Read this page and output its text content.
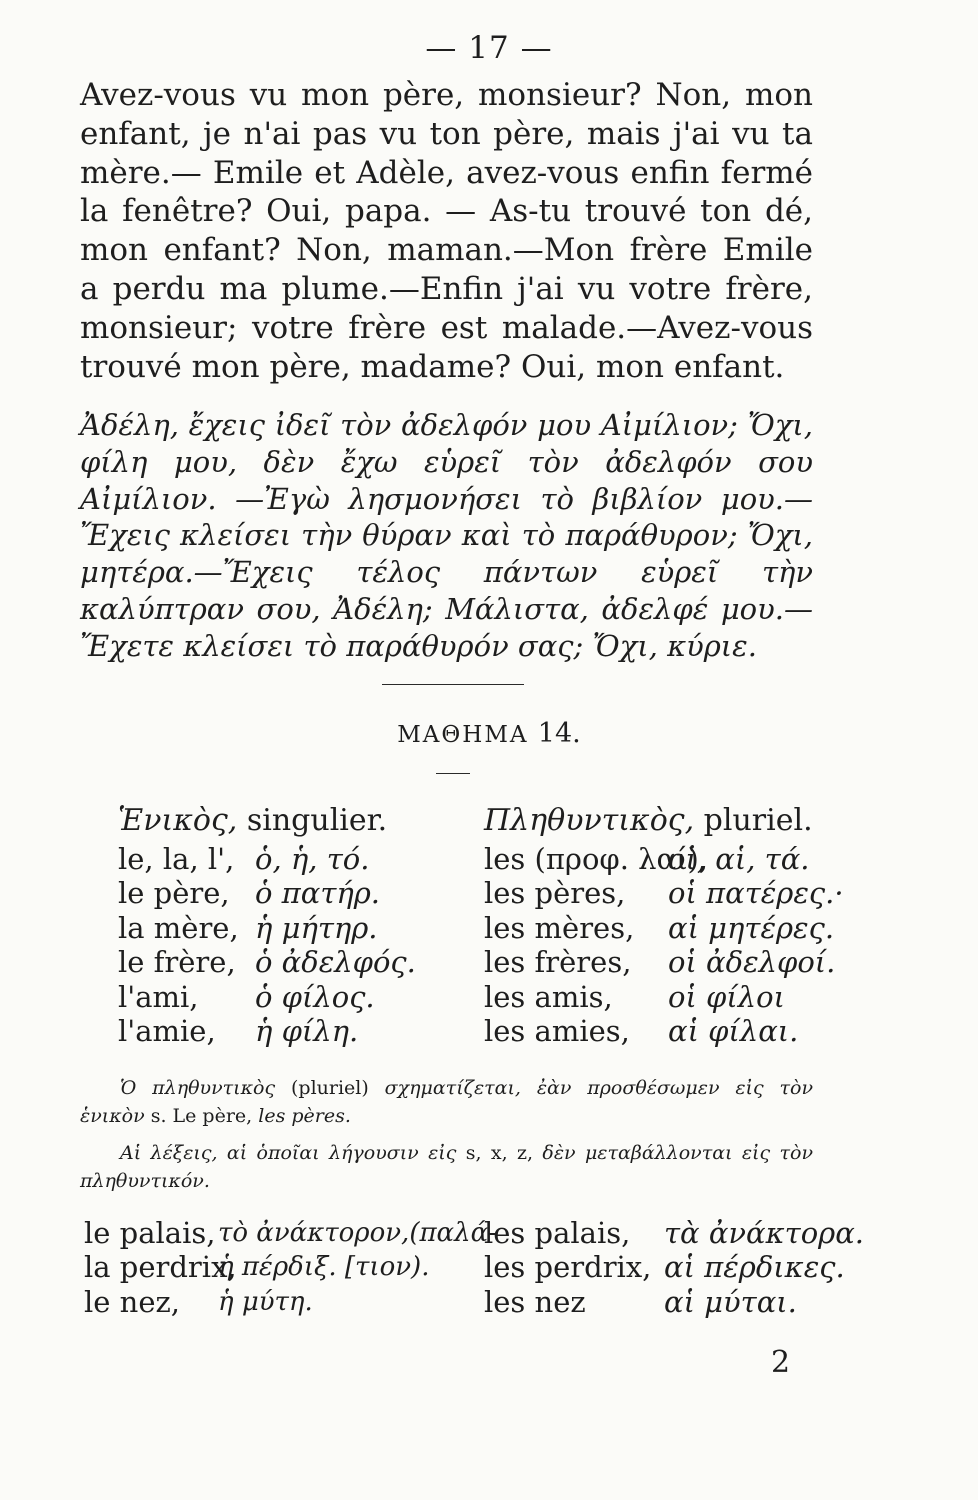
— 17 —

Avez-vous vu mon père, monsieur? Non, mon enfant, je n'ai pas vu ton père, mais j'ai vu ta mère.— Emile et Adèle, avez-vous enfin fermé la fenêtre? Oui, papa. — As-tu trouvé ton dé, mon enfant? Non, maman.—Mon frère Emile a perdu ma plume.—Enfin j'ai vu votre frère, monsieur; votre frère est malade.—Avez-vous trouvé mon père, madame? Oui, mon enfant.

Ἀδέλη, ἔχεις ἰδεῖ τὸν ἀδελφόν μου Αἰμίλιον; Ὄχι, φίλη μου, δὲν ἔχω εὑρεῖ τὸν ἀδελφόν σου Αἰμίλιον. —Ἐγὼ λησμονήσει τὸ βιβλίον μου.—Ἔχεις κλείσει τὴν θύραν καὶ τὸ παράθυρον; Ὄχι, μητέρα.—Ἔχεις τέλος πάντων εὑρεῖ τὴν καλύπτραν σου, Ἀδέλη; Μάλιστα, ἀδελφέ μου.—Ἔχετε κλείσει τὸ παράθυρόν σας; Ὄχι, κύριε.

ΜΑΘΗΜΑ 14.
Ἑνικὸς, singulier.	Πληθυντικὸς, pluriel.
le, la, l',
le père,
la mère,
le frère,
l'ami,
l'amie,
ὁ, ἡ, τό.
ὁ πατήρ.
ἡ μήτηρ.
ὁ ἀδελφός.
ὁ φίλος.
ἡ φίλη.
les (προφ. λαί),
les pères,
les mères,
les frères,
les amis,
les amies,
οἱ, αἱ, τά.
οἱ πατέρες.·
αἱ μητέρες.
οἱ ἀδελφοί.
οἱ φίλοι
αἱ φίλαι.

Ὁ πληθυντικὸς (pluriel) σχηματίζεται, ἐὰν προσθέσωμεν εἰς τὸν ἑνικὸν s. Le père, les pères.

Αἱ λέξεις, αἱ ὁποῖαι λήγουσιν εἰς s, x, z, δὲν μεταβάλλονται εἰς τὸν πληθυντικόν.

le palais,
la perdrix,
le nez,
τὸ ἀνάκτορον,(παλά-
ἡ πέρδιξ. [τιον).
ἡ μύτη.
les palais,
les perdrix,
les nez
τὰ ἀνάκτορα.
αἱ πέρδικες.
αἱ μύται.
2
